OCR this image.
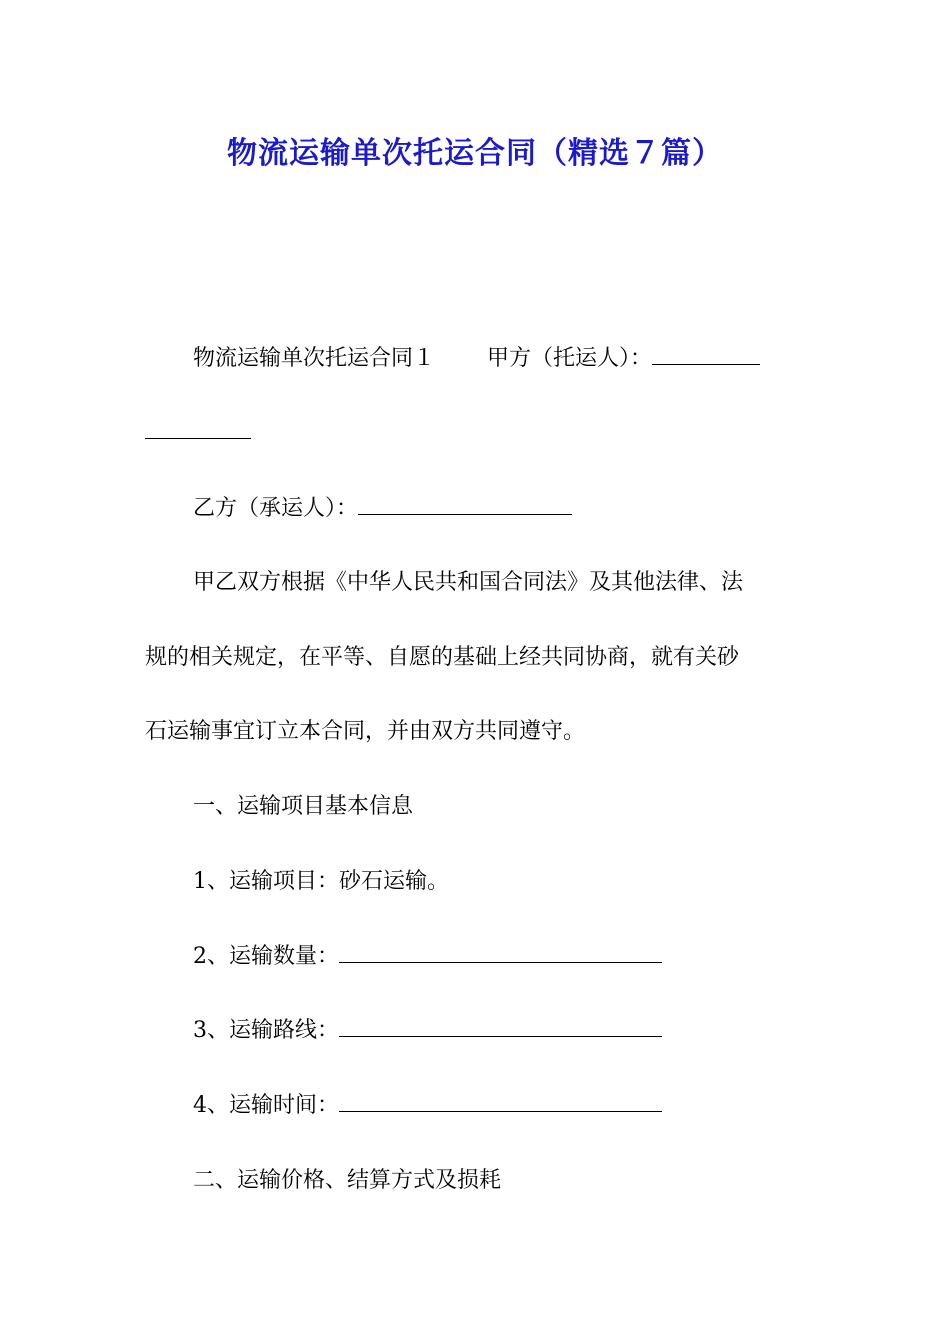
物流运输单次托运合同（精选７篇）
物流运输单次托运合同１ 甲方（托运人）：
乙方（承运人）：
甲乙双方根据《中华人民共和国合同法》及其他法律、法
规的相关规定，在平等、自愿的基础上经共同协商，就有关砂
石运输事宜订立本合同，并由双方共同遵守。
一、运输项目基本信息
1、运输项目：砂石运输。
2、运输数量：
3、运输路线：
4、运输时间：
二、运输价格、结算方式及损耗
